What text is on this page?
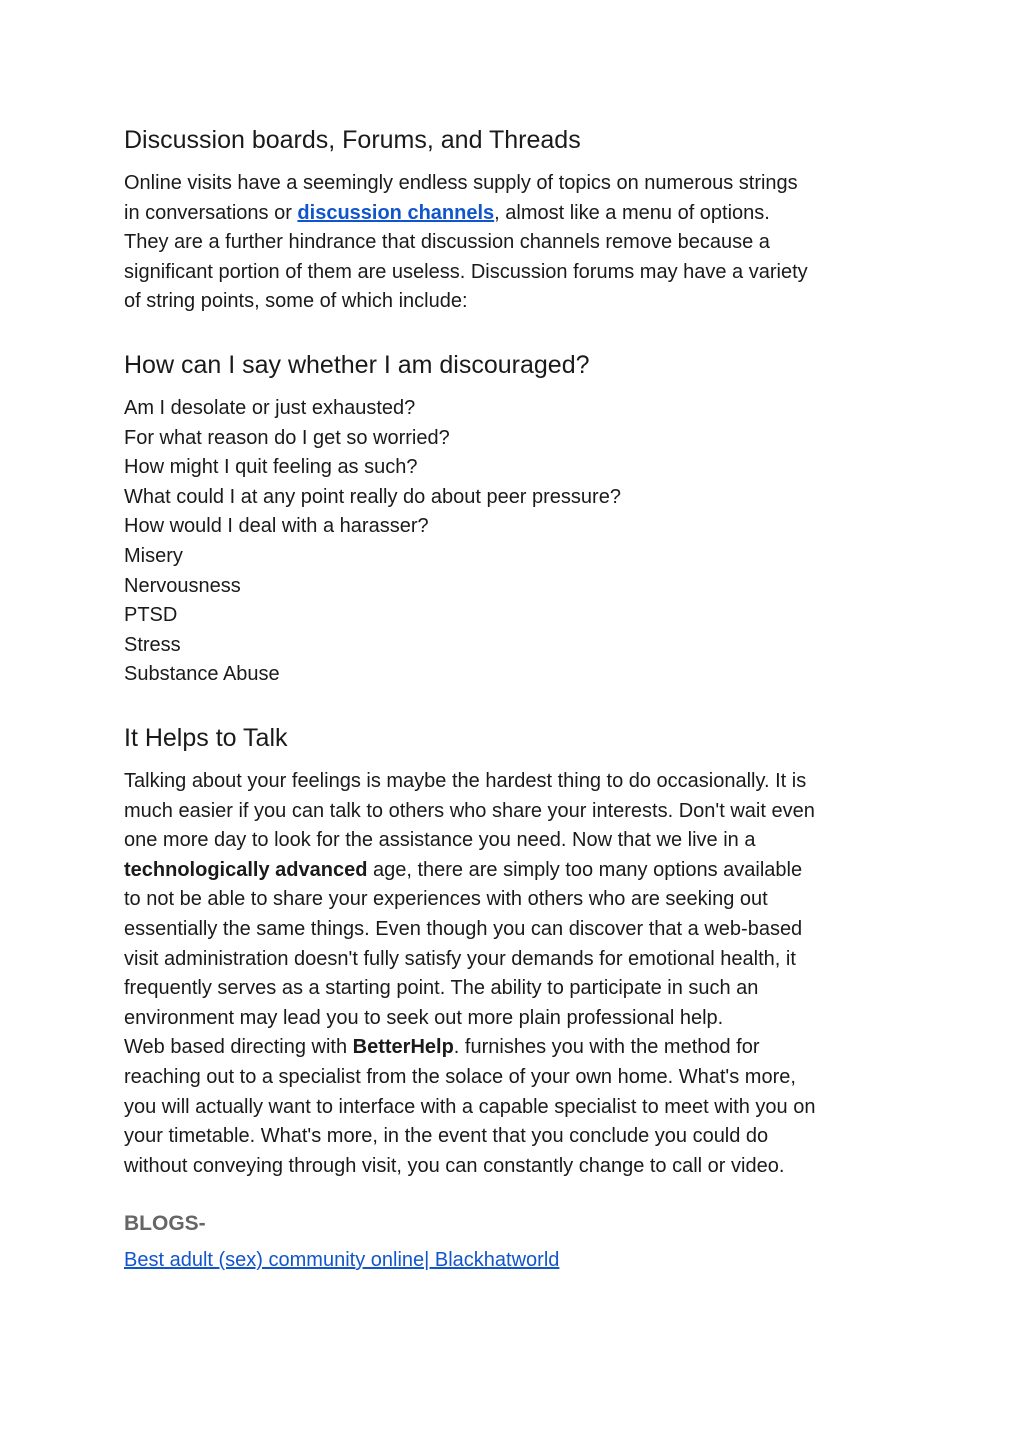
Discussion boards, Forums, and Threads
Online visits have a seemingly endless supply of topics on numerous strings
in conversations or discussion channels, almost like a menu of options.
They are a further hindrance that discussion channels remove because a
significant portion of them are useless. Discussion forums may have a variety
of string points, some of which include:
How can I say whether I am discouraged?
Am I desolate or just exhausted?
For what reason do I get so worried?
How might I quit feeling as such?
What could I at any point really do about peer pressure?
How would I deal with a harasser?
Misery
Nervousness
PTSD
Stress
Substance Abuse
It Helps to Talk
Talking about your feelings is maybe the hardest thing to do occasionally. It is
much easier if you can talk to others who share your interests. Don't wait even
one more day to look for the assistance you need. Now that we live in a
technologically advanced age, there are simply too many options available
to not be able to share your experiences with others who are seeking out
essentially the same things. Even though you can discover that a web-based
visit administration doesn't fully satisfy your demands for emotional health, it
frequently serves as a starting point. The ability to participate in such an
environment may lead you to seek out more plain professional help.
Web based directing with BetterHelp. furnishes you with the method for
reaching out to a specialist from the solace of your own home. What's more,
you will actually want to interface with a capable specialist to meet with you on
your timetable. What's more, in the event that you conclude you could do
without conveying through visit, you can constantly change to call or video.
BLOGS-
Best adult (sex) community online| Blackhatworld
